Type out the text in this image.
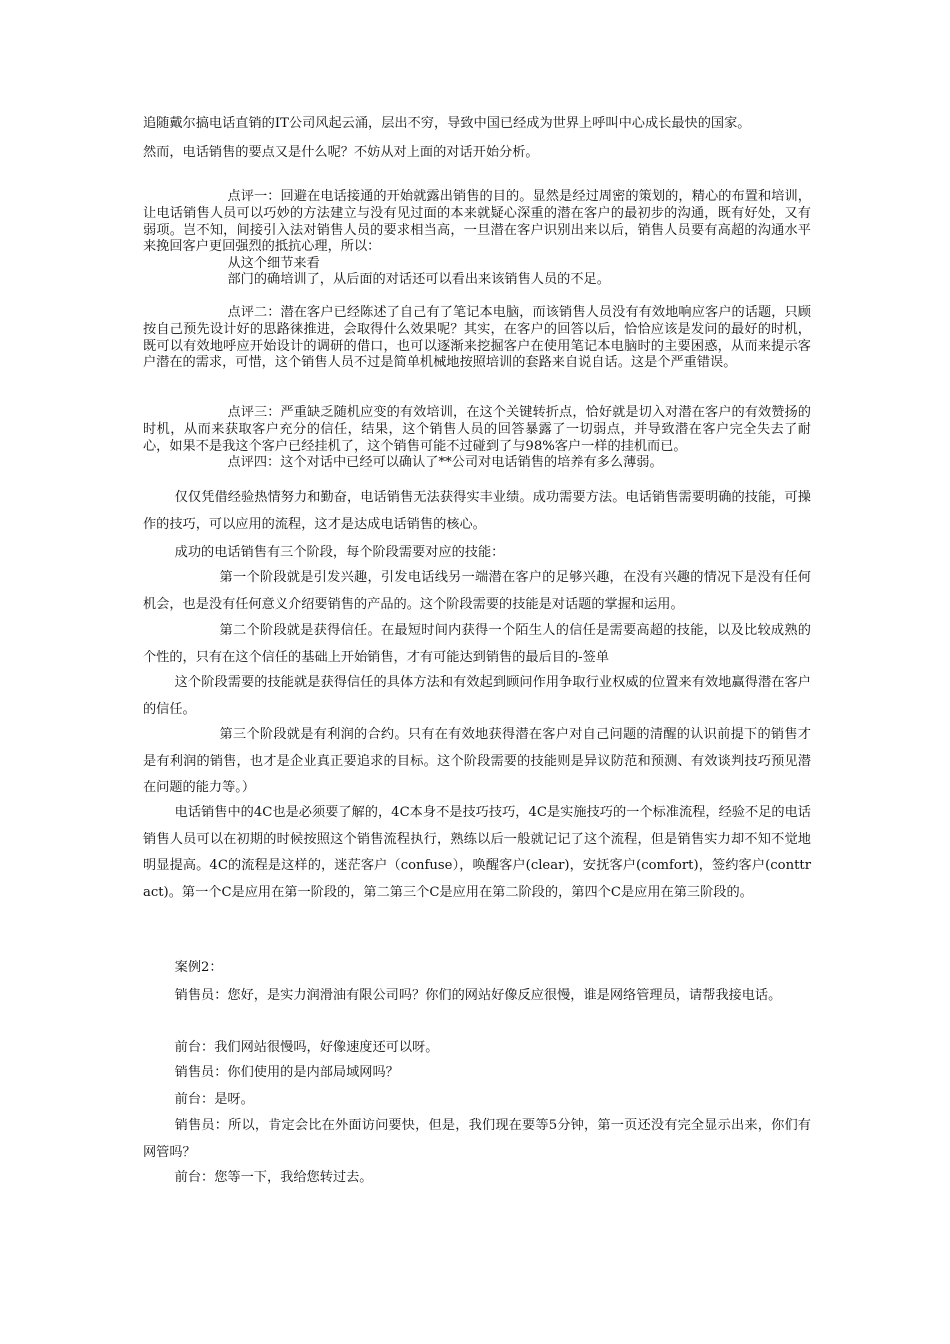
追随戴尔搞电话直销的IT公司风起云涌，层出不穷，导致中国已经成为世界上呼叫中心成长最快的国家。

然而，电话销售的要点又是什么呢？不妨从对上面的对话开始分析。

点评一：回避在电话接通的开始就露出销售的目的。显然是经过周密的策划的，精心的布置和培训，让电话销售人员可以巧妙的方法建立与没有见过面的本来就疑心深重的潜在客户的最初步的沟通，既有好处，又有弱项。岂不知，间接引入法对销售人员的要求相当高，一旦潜在客户识别出来以后，销售人员要有高超的沟通水平来挽回客户更回强烈的抵抗心理，所以：

从这个细节来看

部门的确培训了，从后面的对话还可以看出来该销售人员的不足。

点评二：潜在客户已经陈述了自己有了笔记本电脑，而该销售人员没有有效地响应客户的话题，只顾按自己预先设计好的思路徕推进，会取得什么效果呢？其实，在客户的回答以后，恰恰应该是发问的最好的时机，既可以有效地呼应开始设计的调研的借口，也可以逐渐来挖掘客户在使用笔记本电脑时的主要困惑，从而来提示客户潜在的需求，可惜，这个销售人员不过是简单机械地按照培训的套路来自说自话。这是个严重错误。

点评三：严重缺乏随机应变的有效培训，在这个关键转折点，恰好就是切入对潜在客户的有效赞扬的时机，从而来获取客户充分的信任，结果，这个销售人员的回答暴露了一切弱点，并导致潜在客户完全失去了耐心，如果不是我这个客户已经挂机了，这个销售可能不过碰到了与98%客户一样的挂机而已。

点评四：这个对话中已经可以确认了**公司对电话销售的培养有多么薄弱。

仅仅凭借经验热情努力和勤奋，电话销售无法获得实丰业绩。成功需要方法。电话销售需要明确的技能，可操作的技巧，可以应用的流程，这才是达成电话销售的核心。

成功的电话销售有三个阶段，每个阶段需要对应的技能：

第一个阶段就是引发兴趣，引发电话线另一端潜在客户的足够兴趣，在没有兴趣的情况下是没有任何机会，也是没有任何意义介绍要销售的产品的。这个阶段需要的技能是对话题的掌握和运用。

第二个阶段就是获得信任。在最短时间内获得一个陌生人的信任是需要高超的技能，以及比较成熟的个性的，只有在这个信任的基础上开始销售，才有可能达到销售的最后目的-签单

这个阶段需要的技能就是获得信任的具体方法和有效起到顾问作用争取行业权威的位置来有效地赢得潜在客户的信任。

第三个阶段就是有利润的合约。只有在有效地获得潜在客户对自己问题的清醒的认识前提下的销售才是有利润的销售，也才是企业真正要追求的目标。这个阶段需要的技能则是异议防范和预测、有效谈判技巧预见潜在问题的能力等。）

电话销售中的4C也是必须要了解的，4C本身不是技巧技巧，4C是实施技巧的一个标准流程，经验不足的电话销售人员可以在初期的时候按照这个销售流程执行，熟练以后一般就记记了这个流程，但是销售实力却不知不觉地明显提高。4C的流程是这样的，迷茫客户（confuse），唤醒客户(clear)，安抚客户(comfort)，签约客户(conttract)。第一个C是应用在第一阶段的，第二第三个C是应用在第二阶段的，第四个C是应用在第三阶段的。

案例2：

销售员：您好，是实力润滑油有限公司吗？你们的网站好像反应很慢，谁是网络管理员，请帮我接电话。

前台：我们网站很慢吗，好像速度还可以呀。

销售员：你们使用的是内部局域网吗？

前台：是呀。

销售员：所以，肯定会比在外面访问要快，但是，我们现在要等5分钟，第一页还没有完全显示出来，你们有网管吗？

前台：您等一下，我给您转过去。
